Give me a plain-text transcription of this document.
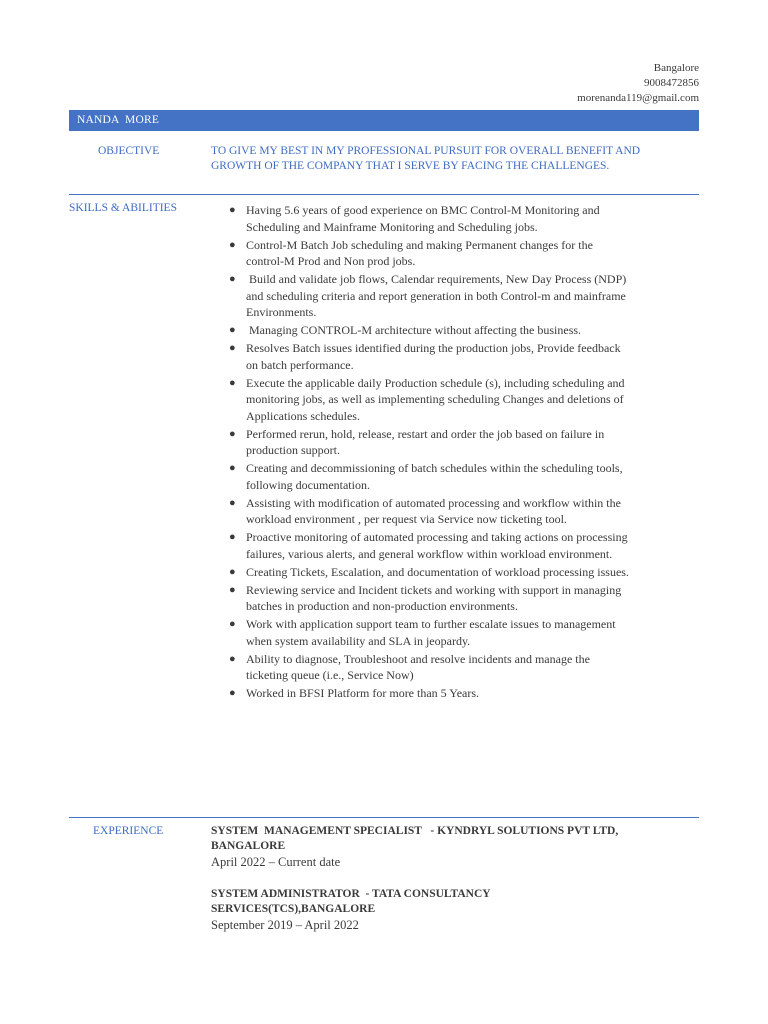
Bangalore
9008472856
morenanda119@gmail.com
NANDA  MORE
OBJECTIVE	TO GIVE MY BEST IN MY PROFESSIONAL PURSUIT FOR OVERALL BENEFIT AND GROWTH OF THE COMPANY THAT I SERVE BY FACING THE CHALLENGES.
SKILLS & ABILITIES	● Having 5.6 years of good experience on BMC Control-M Monitoring and Scheduling and Mainframe Monitoring and Scheduling jobs.
● Control-M Batch Job scheduling and making Permanent changes for the control-M Prod and Non prod jobs.
● Build and validate job flows, Calendar requirements, New Day Process (NDP) and scheduling criteria and report generation in both Control-m and mainframe Environments.
● Managing CONTROL-M architecture without affecting the business.
● Resolves Batch issues identified during the production jobs, Provide feedback on batch performance.
● Execute the applicable daily Production schedule (s), including scheduling and monitoring jobs, as well as implementing scheduling Changes and deletions of Applications schedules.
● Performed rerun, hold, release, restart and order the job based on failure in production support.
● Creating and decommissioning of batch schedules within the scheduling tools, following documentation.
● Assisting with modification of automated processing and workflow within the workload environment , per request via Service now ticketing tool.
● Proactive monitoring of automated processing and taking actions on processing failures, various alerts, and general workflow within workload environment.
● Creating Tickets, Escalation, and documentation of workload processing issues.
● Reviewing service and Incident tickets and working with support in managing batches in production and non-production environments.
● Work with application support team to further escalate issues to management when system availability and SLA in jeopardy.
● Ability to diagnose, Troubleshoot and resolve incidents and manage the ticketing queue (i.e., Service Now)
● Worked in BFSI Platform for more than 5 Years.
EXPERIENCE	SYSTEM  MANAGEMENT SPECIALIST   - KYNDRYL SOLUTIONS PVT LTD, BANGALORE
April 2022 – Current date
SYSTEM ADMINISTRATOR  - TATA CONSULTANCY SERVICES(TCS),BANGALORE
September 2019 – April 2022
